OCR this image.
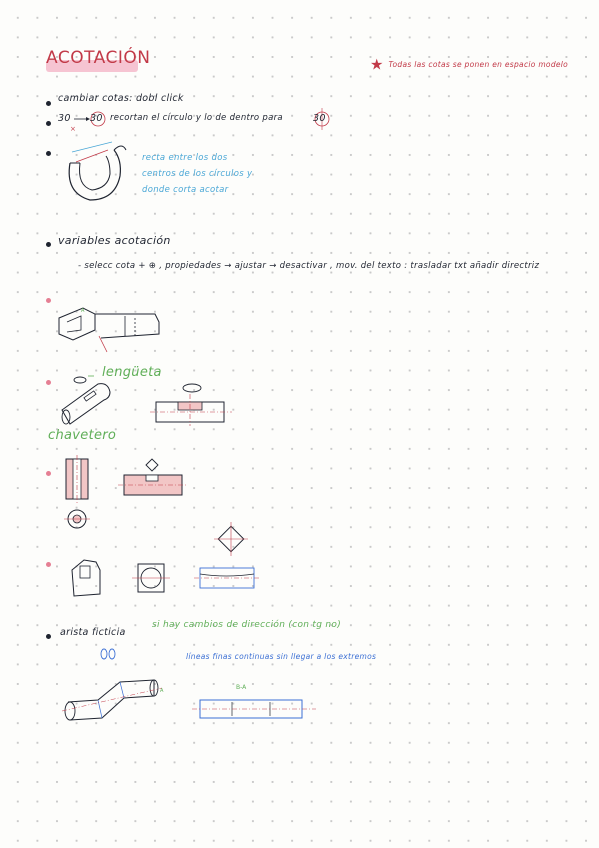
ACOTACIÓN	★ Todas las cotas se ponen en espacio modelo
cambiar cotas: dobl click
30
×
30 recortan el círculo y lo de dentro para	30
recta entre los dos centros de los círculos y donde corta acotar
variables acotación
- selecc cota + ⊕ , propiedades → ajustar → desactivar , mov. del texto : trasladar txt añadir directriz
A
lengüeta
chavetero
arista ficticia
si hay cambios de dirección (con tg no)
líneas finas continuas sin llegar a los extremos
A	B-A
